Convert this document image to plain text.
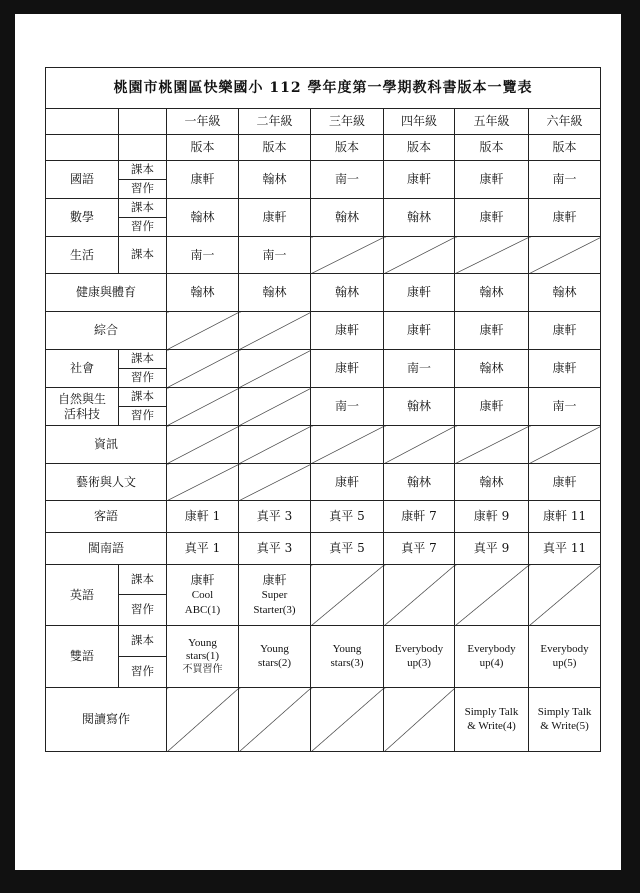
桃園市桃園區快樂國小 112 學年度第一學期教科書版本一覽表							
		一年級	二年級	三年級	四年級	五年級	六年級
		版本	版本	版本	版本	版本	版本
國語	課本	康軒	翰林	南一	康軒	康軒	南一
	習作						
數學	課本	翰林	康軒	翰林	翰林	康軒	康軒
	習作						
生活	課本	南一	南一				
健康與體育		翰林	翰林	翰林	康軒	翰林	翰林
綜合				康軒	康軒	康軒	康軒
社會	課本			康軒	南一	翰林	康軒
	習作						
自然與生
活科技	課本			南一	翰林	康軒	南一
	習作						
資訊							
藝術與人文				康軒	翰林	翰林	康軒
客語		康軒 1	真平 3	真平 5	康軒 7	康軒 9	康軒 11
閩南語		真平 1	真平 3	真平 5	真平 7	真平 9	真平 11
英語	課本	康軒
Cool
ABC(1)	康軒
Super
Starter(3)				
	習作						
雙語	課本	Young
stars(1)
不買習作	Young
stars(2)	Young
stars(3)	Everybody
up(3)	Everybody
up(4)	Everybody
up(5)
	習作						
閱讀寫作						Simply Talk
& Write(4)	Simply Talk
& Write(5)
